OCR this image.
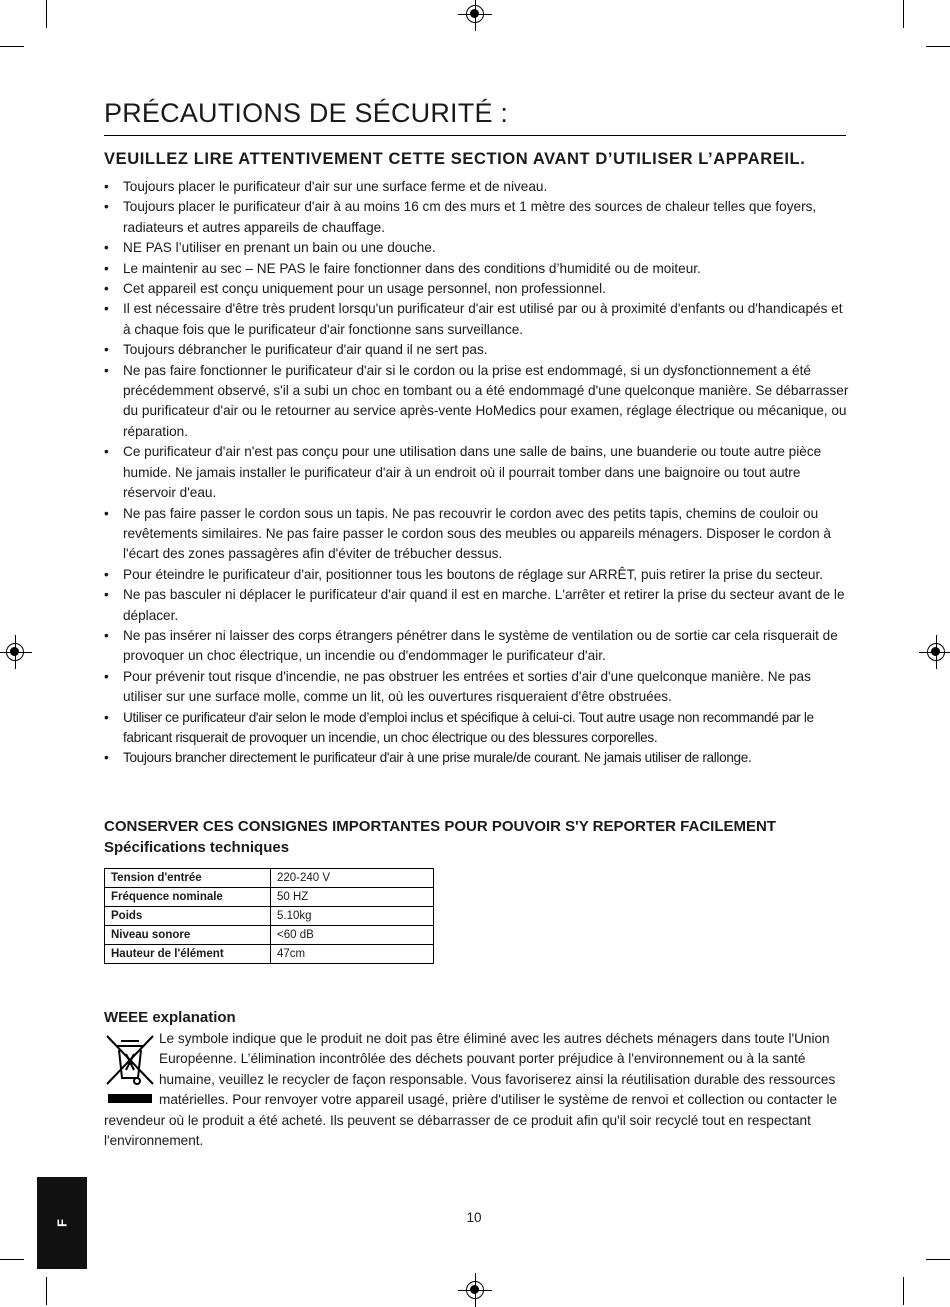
PRÉCAUTIONS DE SÉCURITÉ :
VEUILLEZ LIRE ATTENTIVEMENT CETTE SECTION AVANT D’UTILISER L’APPAREIL.
• Toujours placer le purificateur d'air sur une surface ferme et de niveau.
• Toujours placer le purificateur d'air à au moins 16 cm des murs et 1 mètre des sources de chaleur telles que foyers, radiateurs et autres appareils de chauffage.
• NE PAS l’utiliser en prenant un bain ou une douche.
• Le maintenir au sec – NE PAS le faire fonctionner dans des conditions d’humidité ou de moiteur.
• Cet appareil est conçu uniquement pour un usage personnel, non professionnel.
• Il est nécessaire d'être très prudent lorsqu'un purificateur d'air est utilisé par ou à proximité d'enfants ou d'handicapés et à chaque fois que le purificateur d'air fonctionne sans surveillance.
• Toujours débrancher le purificateur d'air quand il ne sert pas.
• Ne pas faire fonctionner le purificateur d'air si le cordon ou la prise est endommagé, si un dysfonctionnement a été précédemment observé, s'il a subi un choc en tombant ou a été endommagé d'une quelconque manière. Se débarrasser du purificateur d'air ou le retourner au service après-vente HoMedics pour examen, réglage électrique ou mécanique, ou réparation.
• Ce purificateur d'air n'est pas conçu pour une utilisation dans une salle de bains, une buanderie ou toute autre pièce humide. Ne jamais installer le purificateur d'air à un endroit où il pourrait tomber dans une baignoire ou tout autre réservoir d'eau.
• Ne pas faire passer le cordon sous un tapis. Ne pas recouvrir le cordon avec des petits tapis, chemins de couloir ou revêtements similaires. Ne pas faire passer le cordon sous des meubles ou appareils ménagers. Disposer le cordon à l'écart des zones passagères afin d'éviter de trébucher dessus.
• Pour éteindre le purificateur d'air, positionner tous les boutons de réglage sur ARRÊT, puis retirer la prise du secteur.
• Ne pas basculer ni déplacer le purificateur d'air quand il est en marche. L'arrêter et retirer la prise du secteur avant de le déplacer.
• Ne pas insérer ni laisser des corps étrangers pénétrer dans le système de ventilation ou de sortie car cela risquerait de provoquer un choc électrique, un incendie ou d'endommager le purificateur d'air.
• Pour prévenir tout risque d'incendie, ne pas obstruer les entrées et sorties d'air d'une quelconque manière. Ne pas utiliser sur une surface molle, comme un lit, où les ouvertures risqueraient d'être obstruées.
• Utiliser ce purificateur d'air selon le mode d’emploi inclus et spécifique à celui-ci. Tout autre usage non recommandé par le fabricant risquerait de provoquer un incendie, un choc électrique ou des blessures corporelles.
• Toujours brancher directement le purificateur d'air à une prise murale/de courant. Ne jamais utiliser de rallonge.
CONSERVER CES CONSIGNES IMPORTANTES POUR POUVOIR S'Y REPORTER FACILEMENT
Spécifications techniques
Tension d'entrée	220-240 V
Fréquence nominale	50 HZ
Poids	5.10kg
Niveau sonore	<60 dB
Hauteur de l'élément	47cm
WEEE explanation

Le symbole indique que le produit ne doit pas être éliminé avec les autres déchets ménagers dans toute l'Union Européenne. L’élimination incontrôlée des déchets pouvant porter préjudice à l'environnement ou à la santé humaine, veuillez le recycler de façon responsable. Vous favoriserez ainsi la réutilisation durable des ressources matérielles. Pour renvoyer votre appareil usagé, prière d'utiliser le système de renvoi et collection ou contacter le revendeur où le produit a été acheté. Ils peuvent se débarrasser de ce produit afin qu'il soir recyclé tout en respectant l'environnement.

10
F
